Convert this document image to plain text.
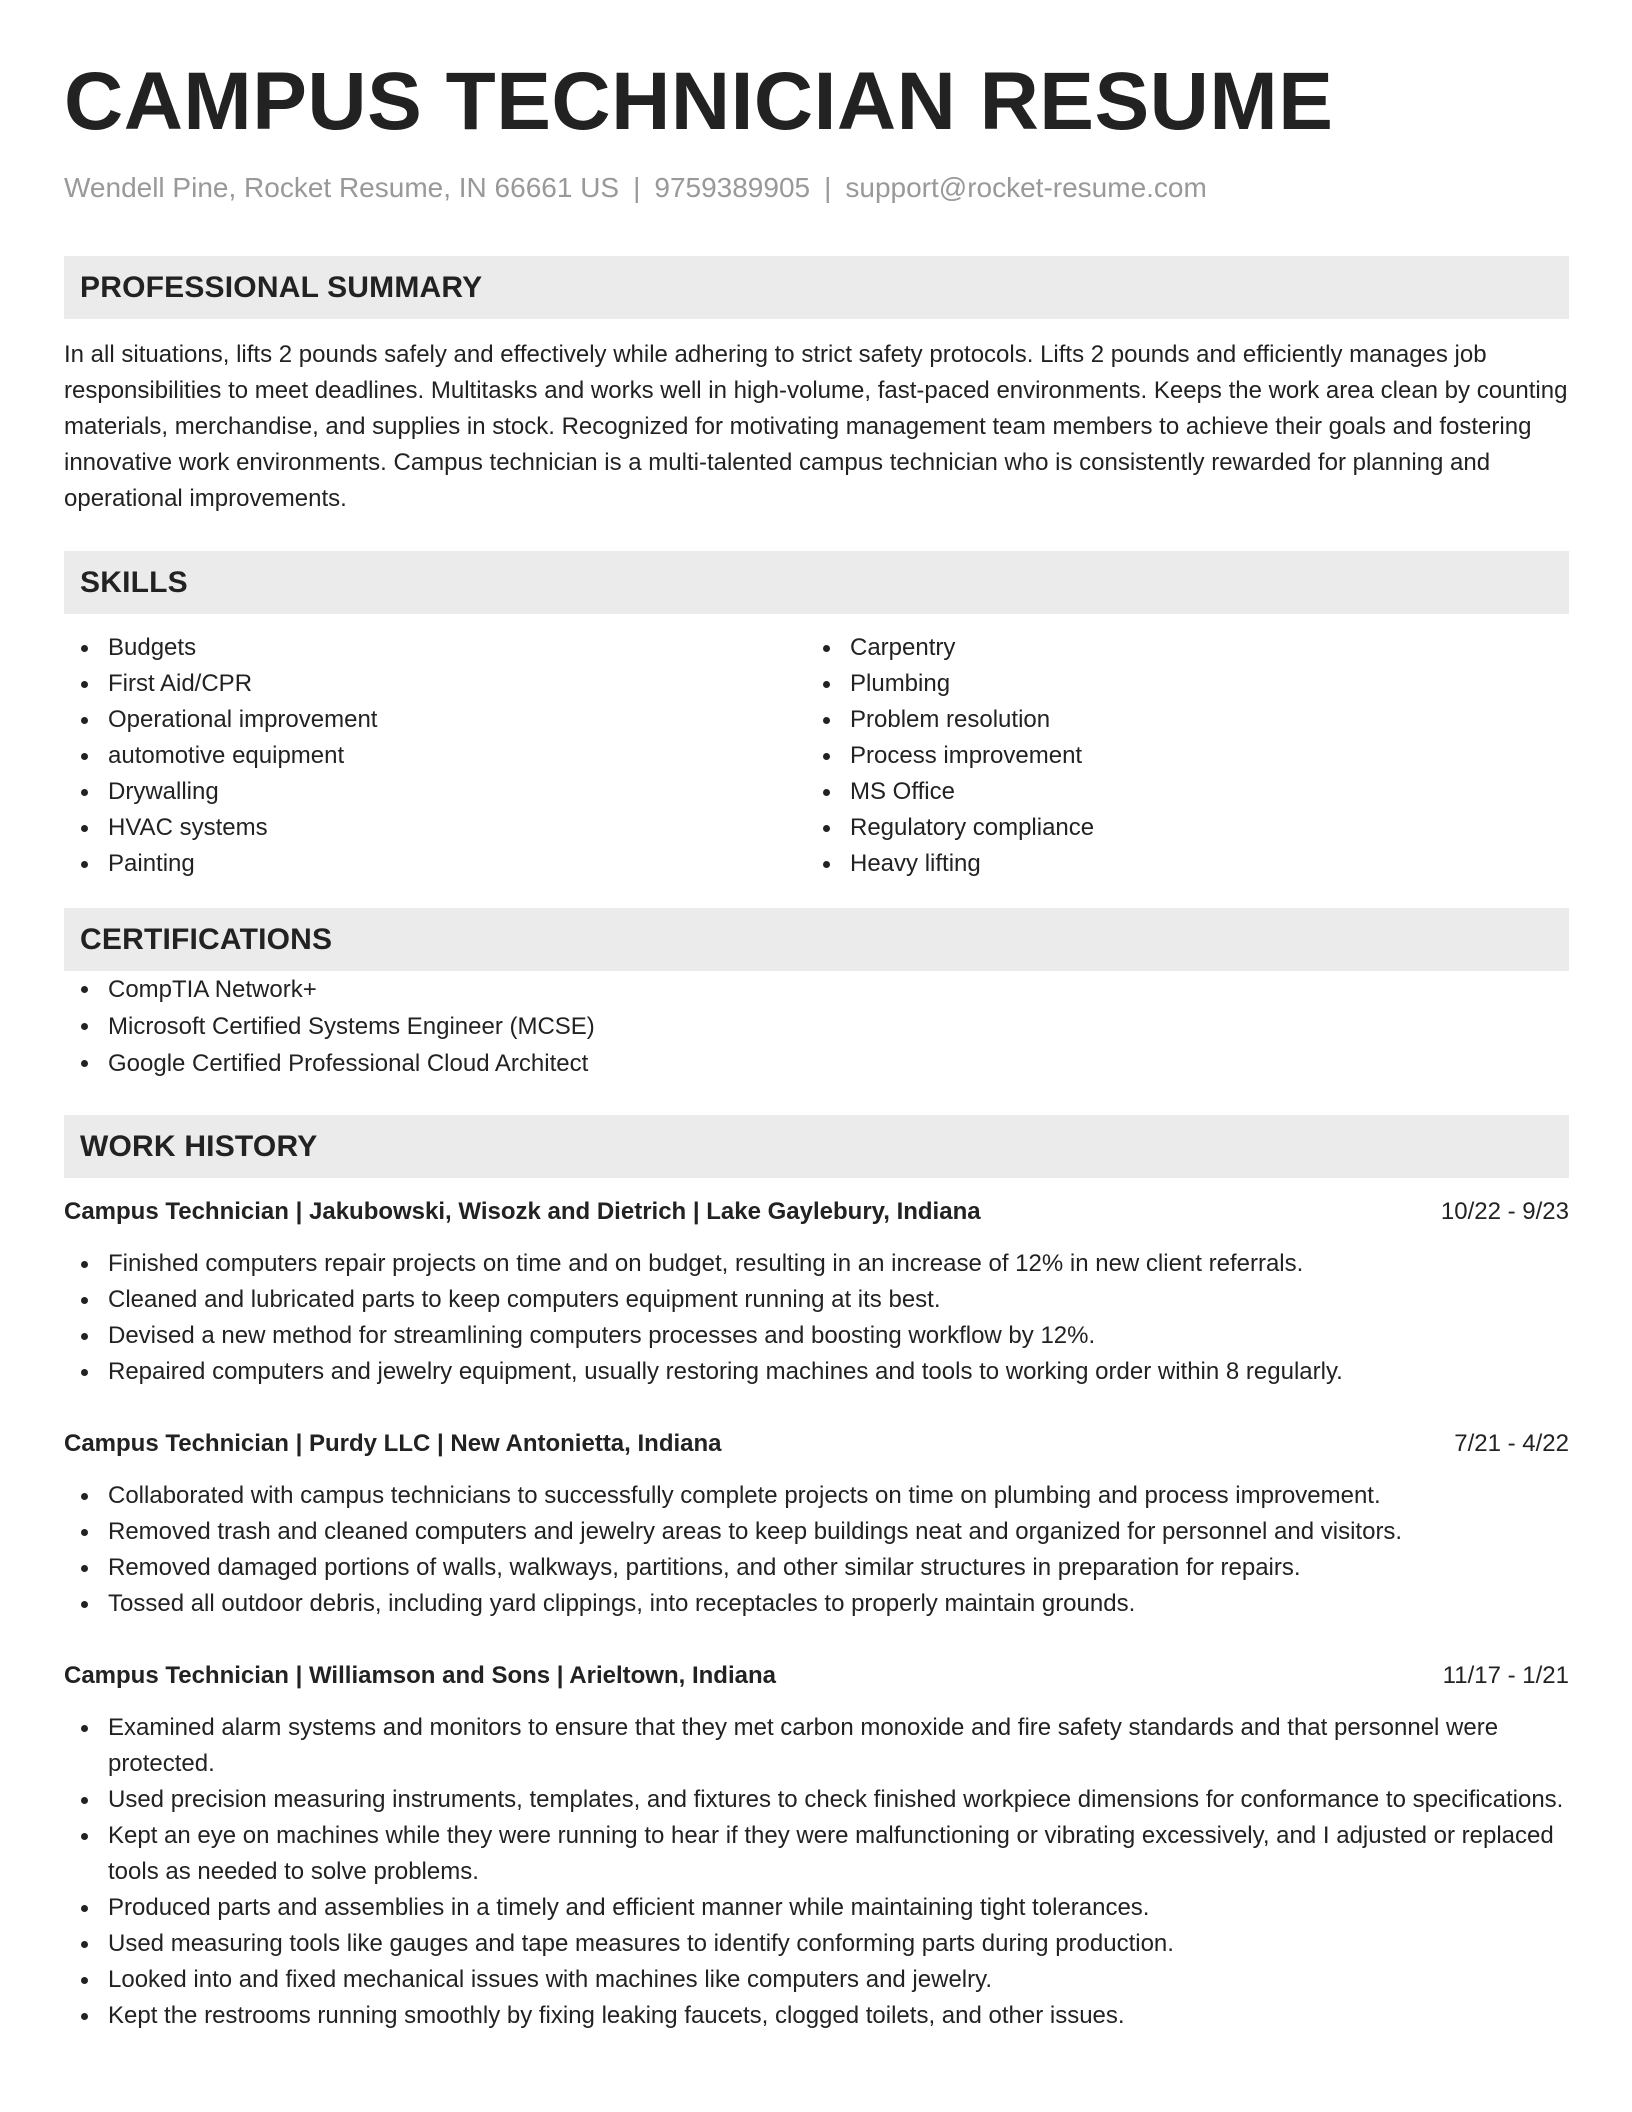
CAMPUS TECHNICIAN RESUME
Wendell Pine, Rocket Resume, IN 66661 US | 9759389905 | support@rocket-resume.com
PROFESSIONAL SUMMARY

In all situations, lifts 2 pounds safely and effectively while adhering to strict safety protocols. Lifts 2 pounds and efficiently manages job responsibilities to meet deadlines. Multitasks and works well in high-volume, fast-paced environments. Keeps the work area clean by counting materials, merchandise, and supplies in stock. Recognized for motivating management team members to achieve their goals and fostering innovative work environments. Campus technician is a multi-talented campus technician who is consistently rewarded for planning and operational improvements.

SKILLS
Budgets
First Aid/CPR
Operational improvement
automotive equipment
Drywalling
HVAC systems
Painting
Carpentry
Plumbing
Problem resolution
Process improvement
MS Office
Regulatory compliance
Heavy lifting
CERTIFICATIONS
CompTIA Network+
Microsoft Certified Systems Engineer (MCSE)
Google Certified Professional Cloud Architect
WORK HISTORY
Campus Technician | Jakubowski, Wisozk and Dietrich | Lake Gaylebury, Indiana	10/22 - 9/23
Finished computers repair projects on time and on budget, resulting in an increase of 12% in new client referrals.
Cleaned and lubricated parts to keep computers equipment running at its best.
Devised a new method for streamlining computers processes and boosting workflow by 12%.
Repaired computers and jewelry equipment, usually restoring machines and tools to working order within 8 regularly.
Campus Technician | Purdy LLC | New Antonietta, Indiana	7/21 - 4/22
Collaborated with campus technicians to successfully complete projects on time on plumbing and process improvement.
Removed trash and cleaned computers and jewelry areas to keep buildings neat and organized for personnel and visitors.
Removed damaged portions of walls, walkways, partitions, and other similar structures in preparation for repairs.
Tossed all outdoor debris, including yard clippings, into receptacles to properly maintain grounds.
Campus Technician | Williamson and Sons | Arieltown, Indiana	11/17 - 1/21
Examined alarm systems and monitors to ensure that they met carbon monoxide and fire safety standards and that personnel were protected.
Used precision measuring instruments, templates, and fixtures to check finished workpiece dimensions for conformance to specifications.
Kept an eye on machines while they were running to hear if they were malfunctioning or vibrating excessively, and I adjusted or replaced tools as needed to solve problems.
Produced parts and assemblies in a timely and efficient manner while maintaining tight tolerances.
Used measuring tools like gauges and tape measures to identify conforming parts during production.
Looked into and fixed mechanical issues with machines like computers and jewelry.
Kept the restrooms running smoothly by fixing leaking faucets, clogged toilets, and other issues.
